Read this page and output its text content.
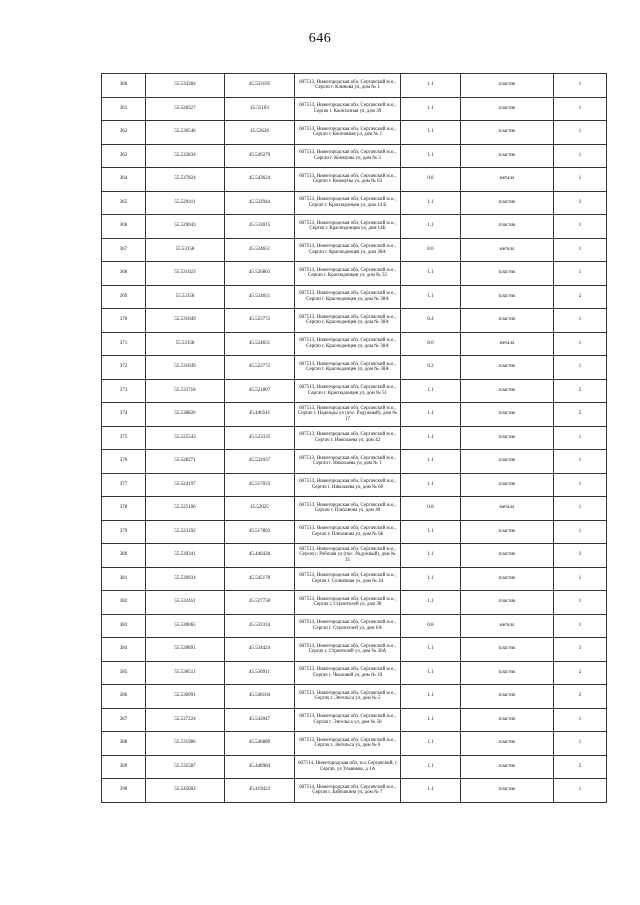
646
360	55.534384	45.533195	607513, Нижегородская обл, Сергачский м.о., Сергач г. Клинова ул, дом № 1	1.1	пластик	1
361	55.528327	45.55103	607513, Нижегородская обл, Сергачский м.о., Сергач г. Коопхозная ул, дом 39	1.1	пластик	1
362	55.530546	45.53626	607513, Нижегородская обл, Сергачский м.о., Сергач г. Кооповная ул, дом № 1	1.1	пластик	1
363	55.532834	45.549379	607513, Нижегородская обл, Сергачский м.о., Сергач г. Коммуны ул, дом № 3	1.1	пластик	1
364	55.537824	45.543624	607513, Нижегородская обл, Сергачский м.о., Сергач г. Коммуны ул, дом № 63	0.8	металл	1
365	55.529411	45.532944	607513, Нижегородская обл, Сергачский м.о., Сергач г. Краснодонцев ул, дом 14 Б	1.1	пластик	2
366	55.529043	45.533015	607513, Нижегородская обл, Сергачский м.о., Сергач г. Краснодонцев ул, дом 14Б	1.1	пластик	1
367	55.53158	45.524651	607513, Нижегородская обл, Сергачский м.о., Сергач г. Краснодонцев ул, дом 38А	8.0	металл	1
368	55.531023	45.526863	607513, Нижегородская обл, Сергачский м.о., Сергач г. Краснодонцев ул, дом № 35	1.1	пластик	1
369	55.53158	45.524651	607513, Нижегородская обл, Сергачский м.о., Сергач г. Краснодонцев ул, дом № 38А	1.1	пластик	2
370	55.531649	45.523772	607513, Нижегородская обл, Сергачский м.о., Сергач г. Краснодонцев ул, дом № 38А	0.4	пластик	1
371	55.53158	45.524651	607513, Нижегородская обл, Сергачский м.о., Сергач г. Краснодонцев ул, дом № 38А	8.0	металл	1
372	55.531649	45.523772	607513, Нижегородская обл, Сергачский м.о., Сергач г. Краснодонцев ул, дом № 38А	0.2	пластик	1
373	55.533718	45.521807	607513, Нижегородская обл, Сергачский м.о., Сергач г. Краснодонцев ул, дом № 51	1.1	пластик	2
374	55.538826	45.446541	607513, Нижегородская обл, Сергачский м.о., Сергач г. Надежды ул (пос. Радужный), дом № 17	1.1	пластик	2
375	55.525543	45.523335	607513, Нижегородская обл, Сергачский м.о., Сергач г. Николаева ул, дом 42	1.1	пластик	1
376	55.528271	45.532037	607513, Нижегородская обл, Сергачский м.о., Сергач г. Николаева ул, дом № 1	1.1	пластик	1
377	55.524197	45.517033	607513, Нижегородская обл, Сергачский м.о., Сергач г. Николаева ул, дом № 60	1.1	пластик	1
378	55.525106	45.52025	607513, Нижегородская обл, Сергачский м.о., Сергач г. Плеханова ул, дом 40	0.8	металл	1
379	55.523292	45.517893	607513, Нижегородская обл, Сергачский м.о., Сергач г. Плеханова ул, дом № 66	1.1	пластик	1
380	55.539341	45.446438	607513, Нижегородская обл, Сергачский м.о., Сергач г. Рабочая ул (пос. Радужный), дом № 35	1.1	пластик	2
381	55.530934	45.545178	607513, Нижегородская обл, Сергачский м.о., Сергач г. Солнечная ул, дом № 24	1.1	пластик	1
382	55.532451	45.527758	607513, Нижегородская обл, Сергачский м.о., Сергач г. Строителей ул, дом 38	1.1	пластик	1
383	55.530065	45.532334	607513, Нижегородская обл, Сергачский м.о., Сергач г. Строителей ул, дом 6А	0.8	металл	1
384	55.528891	45.534424	607513, Нижегородская обл, Сергачский м.о., Сергач г. Строителей ул, дом № 30А	1.1	пластик	3
385	55.530511	45.536911	607513, Нижегородская обл, Сергачский м.о., Сергач г. Чкаловой ул, дом № 19	1.1	пластик	2
386	55.530991	45.548104	607513, Нижегородская обл, Сергачский м.о., Сергач г. Энгельса ул, дом № 5	1.1	пластик	2
387	55.537224	45.542047	607513, Нижегородская обл, Сергачский м.о., Сергач г. Энгельса ул, дом № 58	1.1	пластик	1
388	55.531986	45.546889	607513, Нижегородская обл, Сергачский м.о., Сергач г. Энгельса ул, дом № 6	1.1	пластик	1
389	55.535587	45.448984	607514, Нижегородская обл, м.о Сергачский, г Сергач, ул Ульянова, д 1А	1.1	пластик	2
390	55.545602	45.419423	607514, Нижегородская обл, Сергачский м.о., Сергач г. Бабушкина ул, дом № 7	1.1	пластик	1
